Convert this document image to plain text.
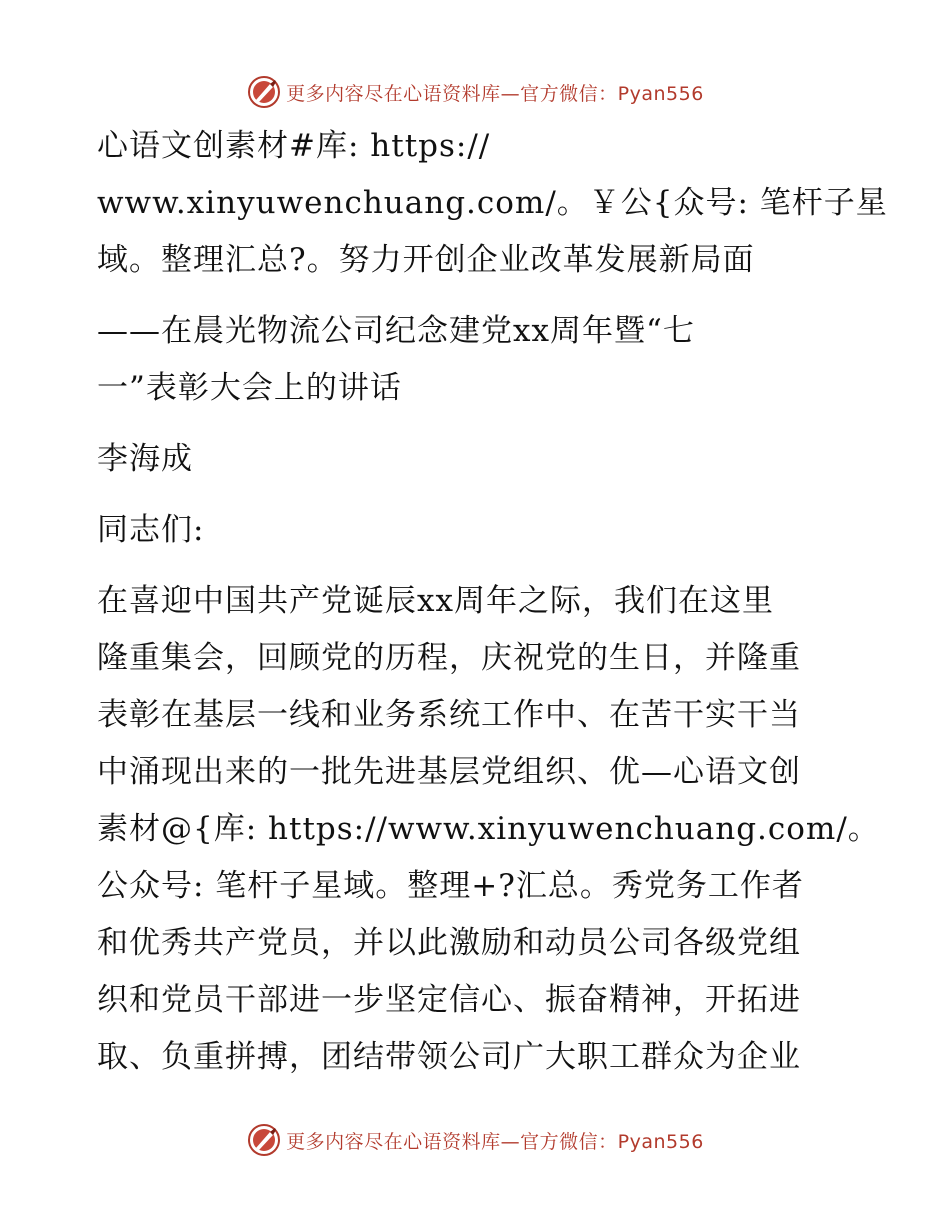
更多内容尽在心语资料库—官方微信：Pyan556

心语文创素材#库: https://
www.xinyuwenchuang.com/。￥公{众号: 笔杆子星
域。整理汇总?。努力开创企业改革发展新局面

——在晨光物流公司纪念建党xx周年暨“七
一”表彰大会上的讲话

李海成

同志们:

在喜迎中国共产党诞辰xx周年之际，我们在这里
隆重集会，回顾党的历程，庆祝党的生日，并隆重
表彰在基层一线和业务系统工作中、在苦干实干当
中涌现出来的一批先进基层党组织、优—心语文创
素材@{库: https://www.xinyuwenchuang.com/。
公众号: 笔杆子星域。整理+?汇总。秀党务工作者
和优秀共产党员，并以此激励和动员公司各级党组
织和党员干部进一步坚定信心、振奋精神，开拓进
取、负重拼搏，团结带领公司广大职工群众为企业

更多内容尽在心语资料库—官方微信：Pyan556
